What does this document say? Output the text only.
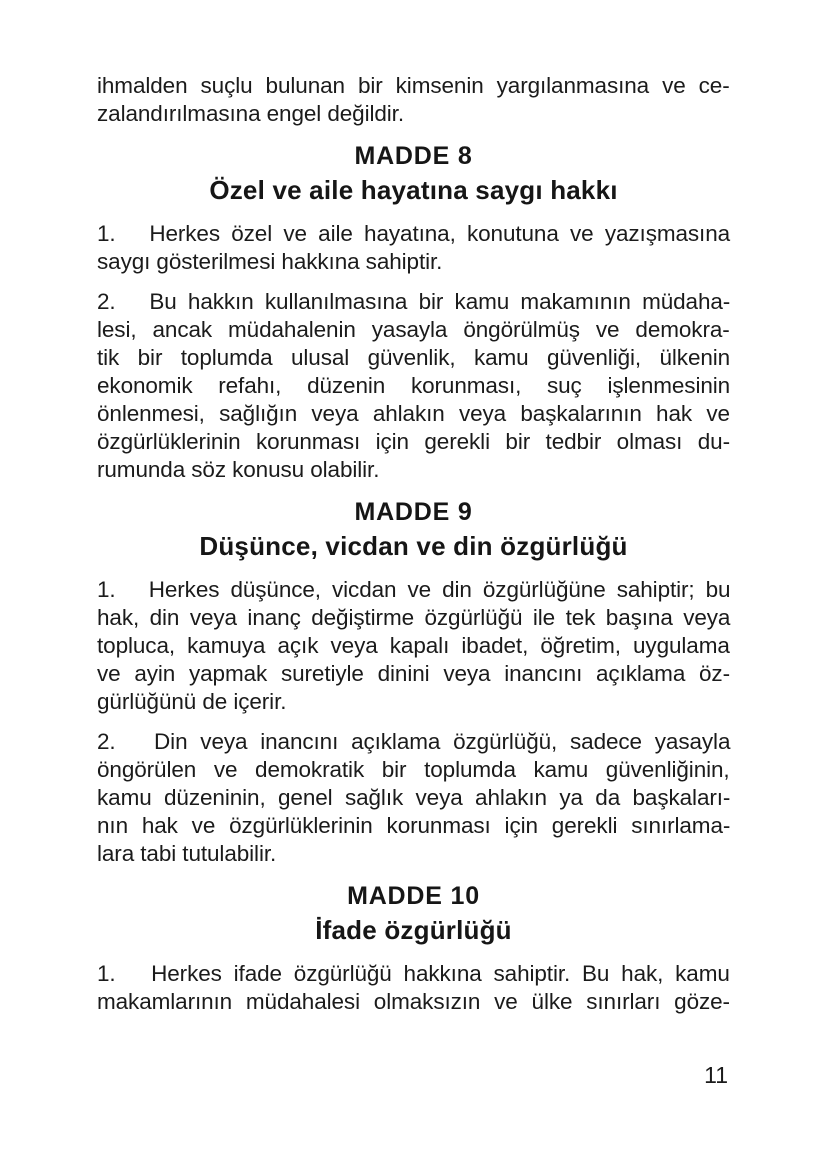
ihmalden suçlu bulunan bir kimsenin yargılanmasına ve ce-
zalandırılmasına engel değildir.
MADDE 8
Özel ve aile hayatına saygı hakkı
1.   Herkes özel ve aile hayatına, konutuna ve yazışmasına
saygı gösterilmesi hakkına sahiptir.
2.   Bu hakkın kullanılmasına bir kamu makamının müdaha-
lesi, ancak müdahalenin yasayla öngörülmüş ve demokra-
tik bir toplumda ulusal güvenlik, kamu güvenliği, ülkenin
ekonomik refahı, düzenin korunması, suç işlenmesinin
önlenmesi, sağlığın veya ahlakın veya başkalarının hak ve
özgürlüklerinin korunması için gerekli bir tedbir olması du-
rumunda söz konusu olabilir.
MADDE 9
Düşünce, vicdan ve din özgürlüğü
1.   Herkes düşünce, vicdan ve din özgürlüğüne sahiptir; bu
hak, din veya inanç değiştirme özgürlüğü ile tek başına veya
topluca, kamuya açık veya kapalı ibadet, öğretim, uygulama
ve ayin yapmak suretiyle dinini veya inancını açıklama öz-
gürlüğünü de içerir.
2.   Din veya inancını açıklama özgürlüğü, sadece yasayla
öngörülen ve demokratik bir toplumda kamu güvenliğinin,
kamu düzeninin, genel sağlık veya ahlakın ya da başkaları-
nın hak ve özgürlüklerinin korunması için gerekli sınırlama-
lara tabi tutulabilir.
MADDE 10
İfade özgürlüğü
1.   Herkes ifade özgürlüğü hakkına sahiptir. Bu hak, kamu
makamlarının müdahalesi olmaksızın ve ülke sınırları göze-
11
